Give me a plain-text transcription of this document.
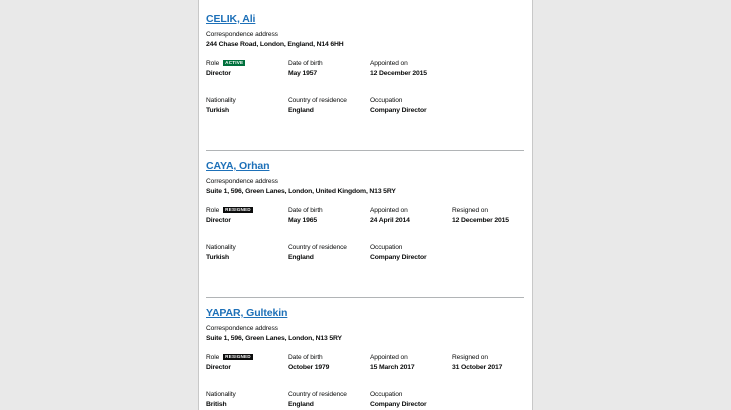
CELIK, Ali
Correspondence address
244 Chase Road, London, England, N14 6HH
Role ACTIVE	Date of birth	Appointed on
Director	May 1957	12 December 2015
Nationality	Country of residence	Occupation
Turkish	England	Company Director
CAYA, Orhan
Correspondence address
Suite 1, 596, Green Lanes, London, United Kingdom, N13 5RY
Role RESIGNED	Date of birth	Appointed on	Resigned on
Director	May 1965	24 April 2014	12 December 2015
Nationality	Country of residence	Occupation
Turkish	England	Company Director
YAPAR, Gultekin
Correspondence address
Suite 1, 596, Green Lanes, London, N13 5RY
Role RESIGNED	Date of birth	Appointed on	Resigned on
Director	October 1979	15 March 2017	31 October 2017
Nationality	Country of residence	Occupation
British	England	Company Director
